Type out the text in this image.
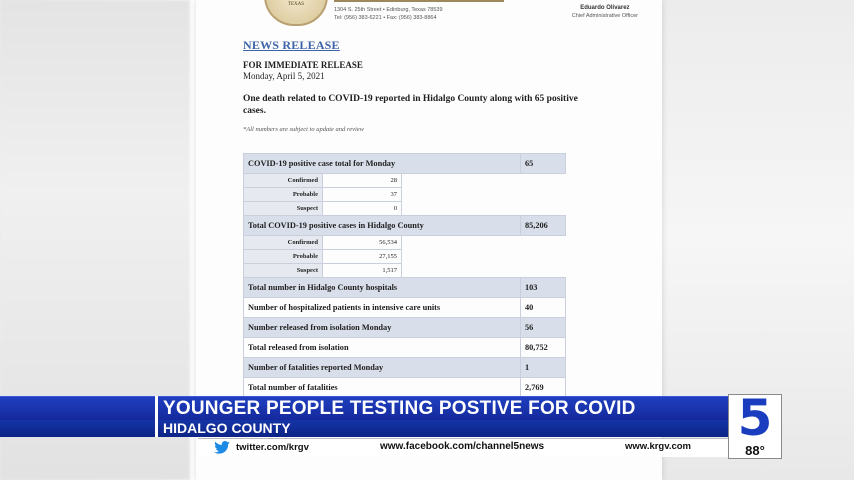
TEXAS
1304 S. 25th Street • Edinburg, Texas 78539
Tel: (956) 383-6221 • Fax: (956) 383-8864
Eduardo Olivarez
Chief Administrative Officer
NEWS RELEASE
FOR IMMEDIATE RELEASE
Monday, April 5, 2021
One death related to COVID-19 reported in Hidalgo County along with 65 positive cases.
*All numbers are subject to update and review
COVID-19 positive case total for Monday			65
Confirmed	28		
Probable	37		
Suspect	0		
Total COVID-19 positive cases in Hidalgo County			85,206
Confirmed	56,534		
Probable	27,155		
Suspect	1,517		
Total number in Hidalgo County hospitals			103
Number of hospitalized patients in intensive care units			40
Number released from isolation Monday			56
Total released from isolation			80,752
Number of fatalities reported Monday			1
Total number of fatalities			2,769
YOUNGER PEOPLE TESTING POSTIVE FOR COVID
HIDALGO COUNTY
twitter.com/krgv	www.facebook.com/channel5news	www.krgv.com 5
88°
